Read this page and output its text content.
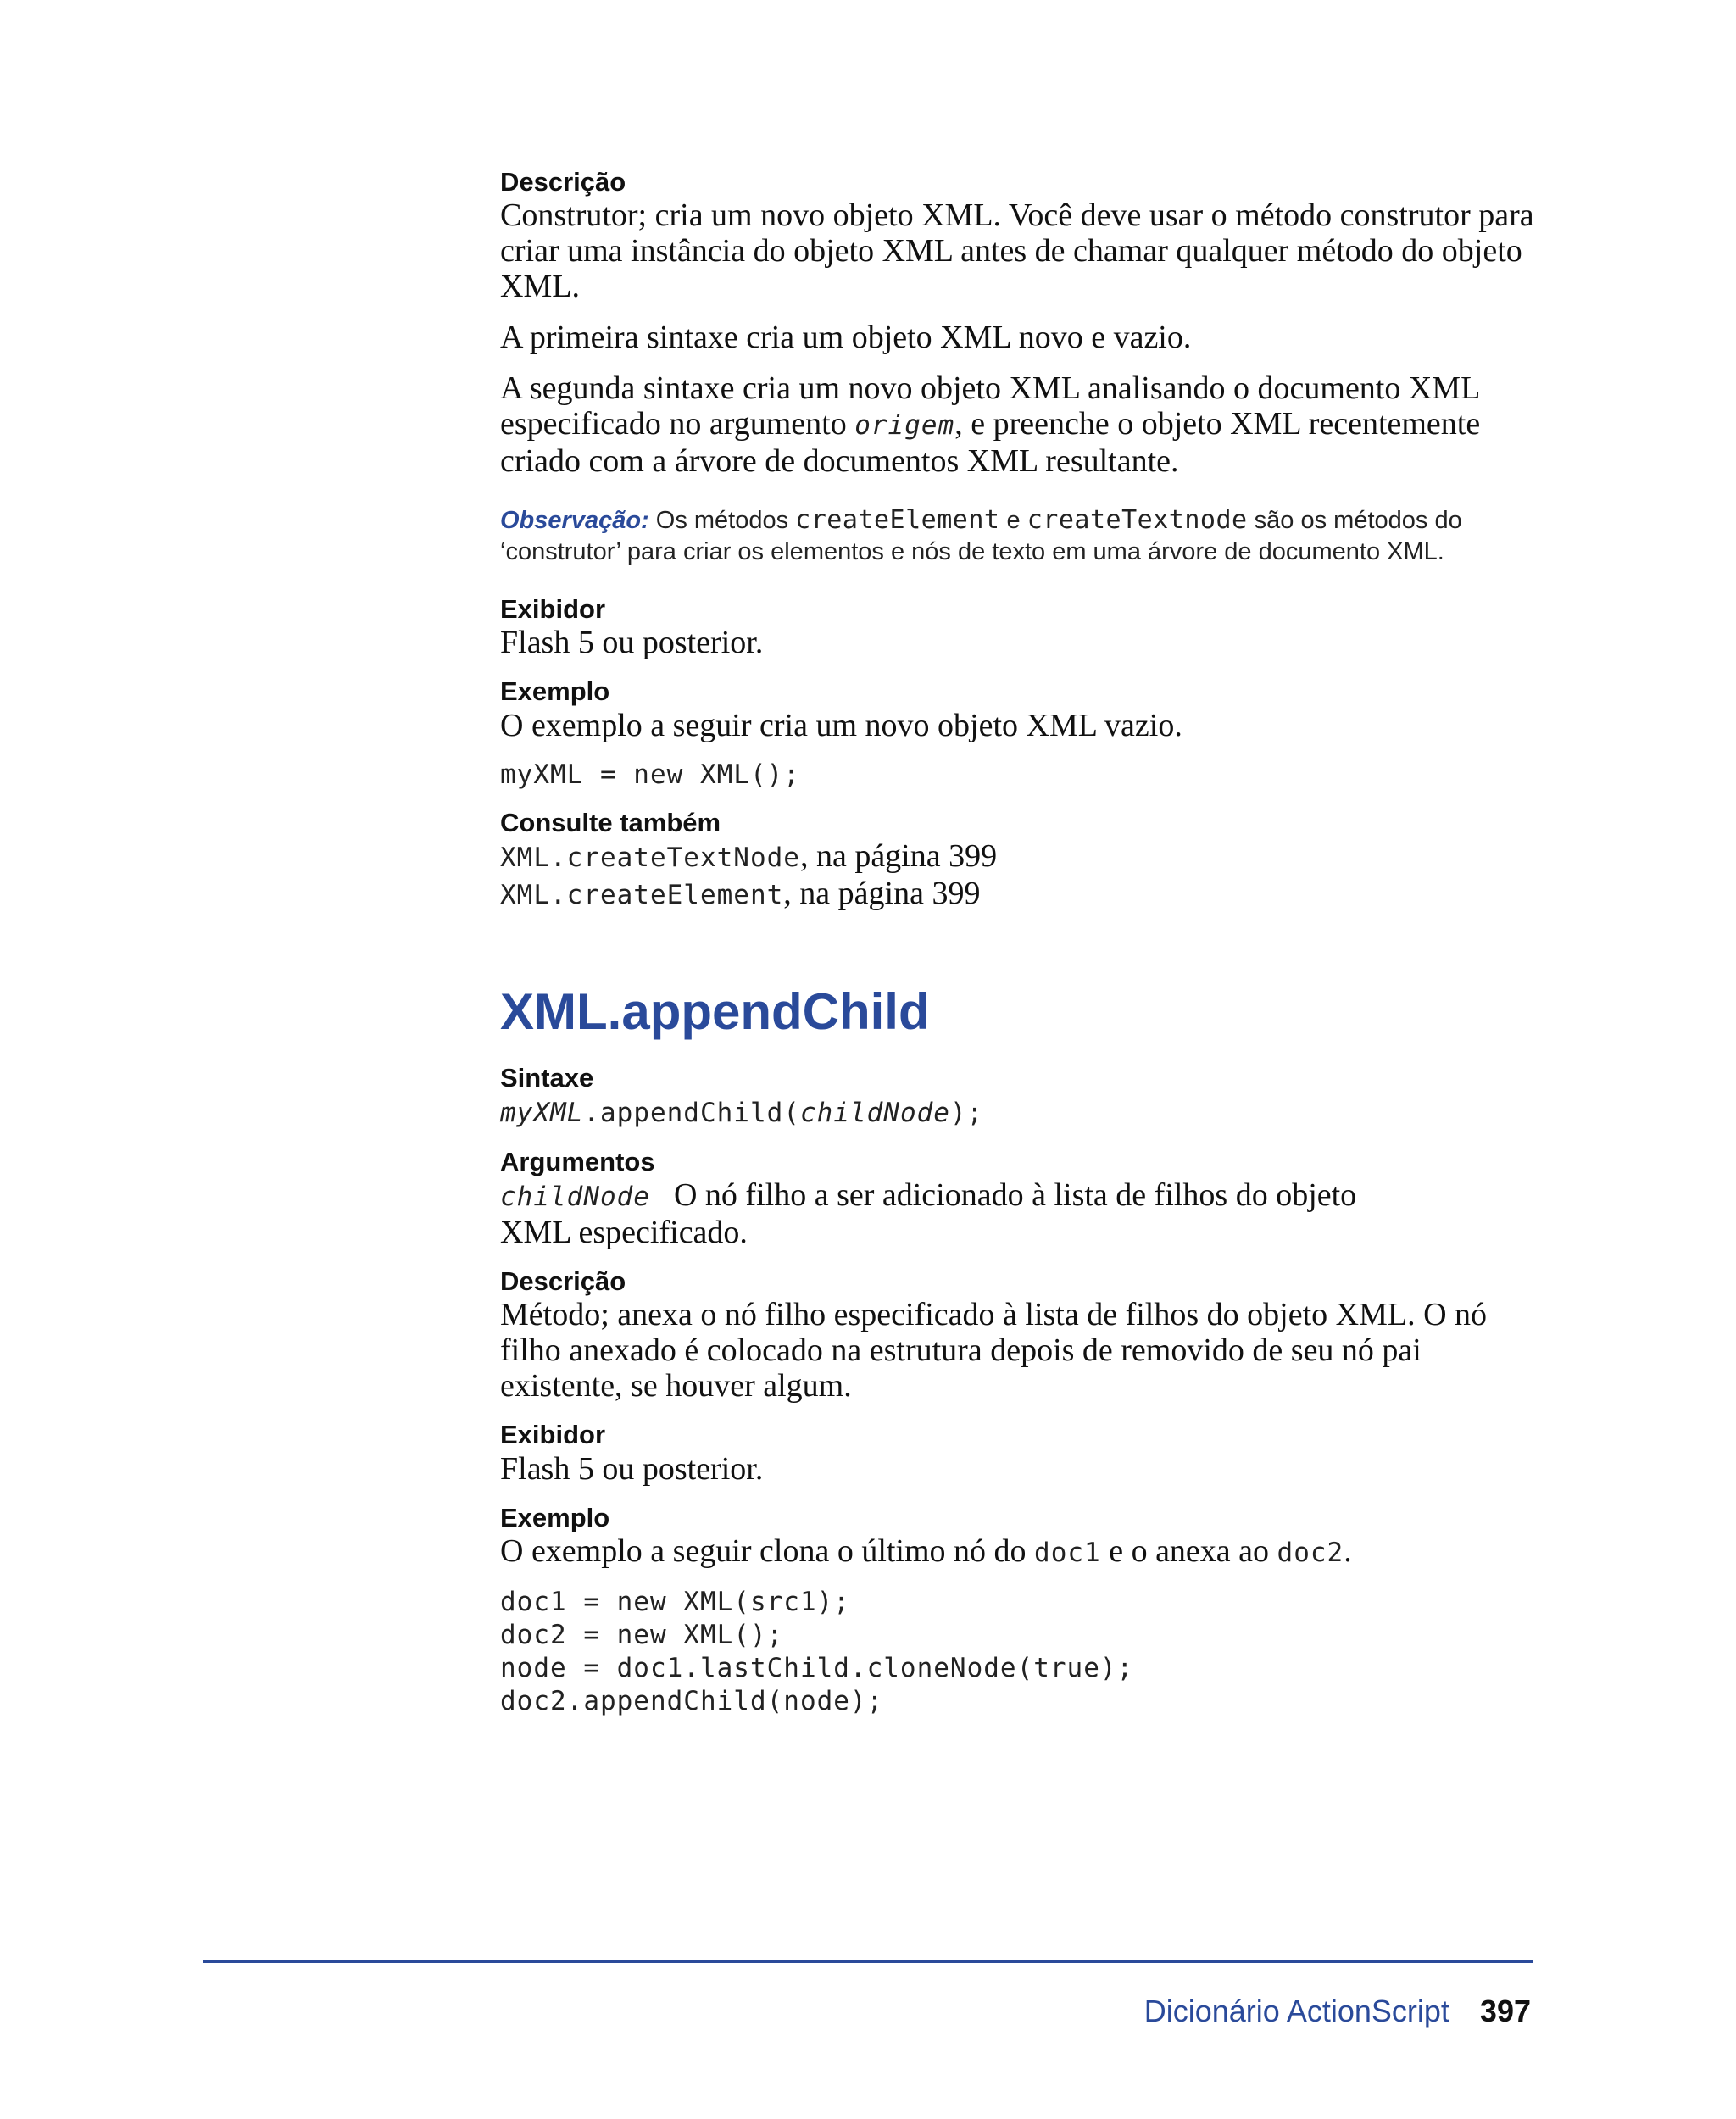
Descrição

Construtor; cria um novo objeto XML. Você deve usar o método construtor para criar uma instância do objeto XML antes de chamar qualquer método do objeto XML.

A primeira sintaxe cria um objeto XML novo e vazio.

A segunda sintaxe cria um novo objeto XML analisando o documento XML especificado no argumento origem, e preenche o objeto XML recentemente criado com a árvore de documentos XML resultante.

Observação: Os métodos createElement e createTextnode são os métodos do ‘construtor’ para criar os elementos e nós de texto em uma árvore de documento XML.

Exibidor

Flash 5 ou posterior.

Exemplo

O exemplo a seguir cria um novo objeto XML vazio.

myXML = new XML();

Consulte também

XML.createTextNode, na página 399

XML.createElement, na página 399

XML.appendChild

Sintaxe

myXML.appendChild(childNode);

Argumentos

childNode O nó filho a ser adicionado à lista de filhos do objeto XML especificado.

Descrição

Método; anexa o nó filho especificado à lista de filhos do objeto XML. O nó filho anexado é colocado na estrutura depois de removido de seu nó pai existente, se houver algum.

Exibidor

Flash 5 ou posterior.

Exemplo

O exemplo a seguir clona o último nó do doc1 e o anexa ao doc2.

doc1 = new XML(src1);

doc2 = new XML();

node = doc1.lastChild.cloneNode(true);

doc2.appendChild(node);

Dicionário ActionScript 397
